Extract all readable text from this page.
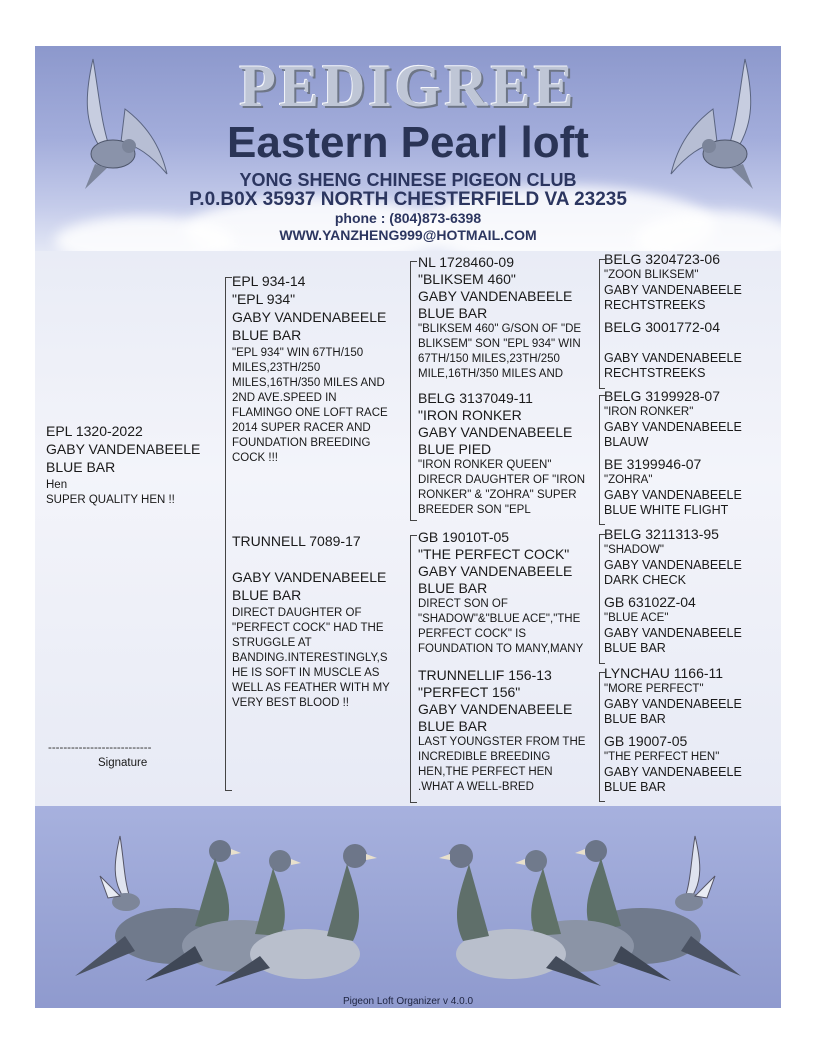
PEDIGREE
Eastern Pearl loft
YONG SHENG CHINESE PIGEON CLUB
P.0.B0X 35937 NORTH CHESTERFIELD VA 23235
phone : (804)873-6398
WWW.YANZHENG999@HOTMAIL.COM
EPL 1320-2022
GABY VANDENABEELE
BLUE BAR
Hen
SUPER QUALITY HEN !!
---------------------------
Signature
EPL 934-14
"EPL 934"
GABY VANDENABEELE
BLUE BAR
"EPL 934" WIN 67TH/150 MILES,23TH/250 MILES,16TH/350 MILES AND 2ND AVE.SPEED IN FLAMINGO ONE LOFT RACE 2014 SUPER RACER AND FOUNDATION BREEDING COCK !!!
TRUNNELL 7089-17
GABY VANDENABEELE
BLUE BAR
DIRECT DAUGHTER OF "PERFECT COCK" HAD THE STRUGGLE AT BANDING.INTERESTINGLY,S HE IS SOFT IN MUSCLE AS WELL AS FEATHER WITH MY VERY BEST BLOOD !!
NL 1728460-09
"BLIKSEM 460"
GABY VANDENABEELE
BLUE BAR
"BLIKSEM 460" G/SON OF "DE BLIKSEM" SON "EPL 934" WIN 67TH/150 MILES,23TH/250 MILE,16TH/350 MILES AND
BELG 3137049-11
"IRON RONKER
GABY VANDENABEELE
BLUE PIED
"IRON RONKER QUEEN" DIRECR DAUGHTER OF "IRON RONKER" & "ZOHRA" SUPER BREEDER SON "EPL
GB 19010T-05
"THE PERFECT COCK"
GABY VANDENABEELE
BLUE BAR
DIRECT SON OF "SHADOW"&"BLUE ACE","THE PERFECT COCK" IS FOUNDATION TO MANY,MANY
TRUNNELLIF 156-13
"PERFECT 156"
GABY VANDENABEELE
BLUE BAR
LAST YOUNGSTER FROM THE INCREDIBLE BREEDING HEN,THE PERFECT HEN .WHAT A WELL-BRED
BELG 3204723-06
"ZOON BLIKSEM"
GABY VANDENABEELE
RECHTSTREEKS
BELG 3001772-04
GABY VANDENABEELE
RECHTSTREEKS
BELG 3199928-07
"IRON RONKER"
GABY VANDENABEELE
BLAUW
BE 3199946-07
"ZOHRA"
GABY VANDENABEELE
BLUE WHITE FLIGHT
BELG 3211313-95
"SHADOW"
GABY VANDENABEELE
DARK CHECK
GB 63102Z-04
"BLUE ACE"
GABY VANDENABEELE
BLUE BAR
LYNCHAU 1166-11
"MORE PERFECT"
GABY VANDENABEELE
BLUE BAR
GB 19007-05
"THE PERFECT HEN"
GABY VANDENABEELE
BLUE BAR
Pigeon Loft Organizer v 4.0.0
